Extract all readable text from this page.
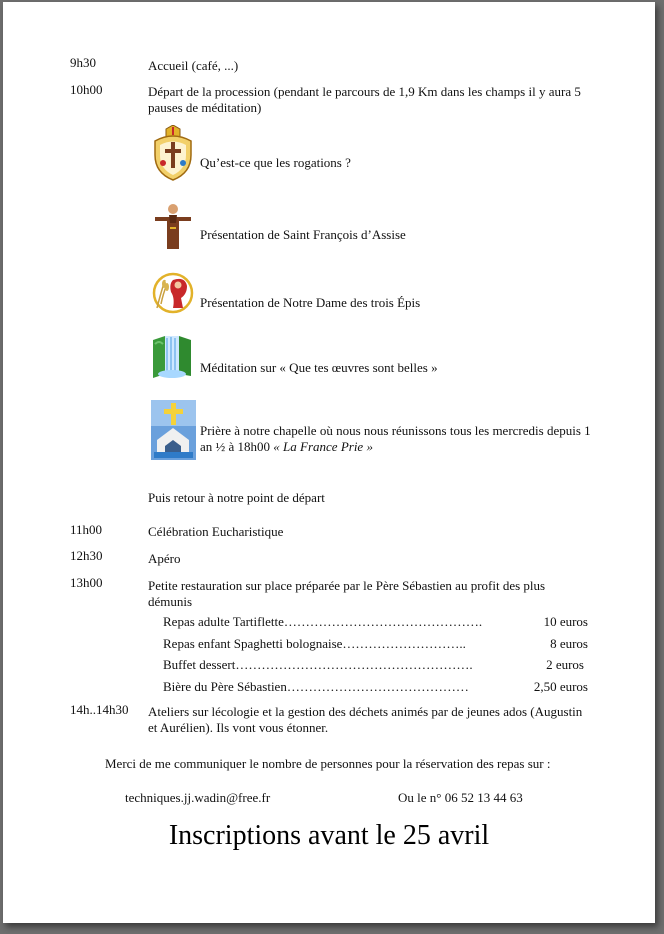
9h30	Accueil (café, ...)
10h00	Départ de la procession (pendant le parcours de 1,9 Km dans les champs il y aura 5 pauses de méditation)
Qu’est-ce que les rogations ?
Présentation de Saint François d’Assise
Présentation de Notre Dame des trois Épis
Méditation sur « Que tes œuvres sont belles »
Prière à notre chapelle où nous nous réunissons tous les mercredis depuis 1 an ½ à 18h00 « La France Prie »
Puis retour à notre point de départ
11h00	Célébration Eucharistique
12h30	Apéro
13h00	Petite restauration sur place préparée par le Père Sébastien au profit des plus démunis
Repas adulte Tartiflette……………………………………….	10 euros
Repas enfant Spaghetti bolognaise………………………..	8 euros
Buffet dessert……………………………………………….	2 euros
Bière du Père Sébastien……………………………………	2,50 euros
14h..14h30 Ateliers sur lécologie et la gestion des déchets animés par de jeunes ados (Augustin et Aurélien). Ils vont vous étonner.
Merci de me communiquer le nombre de personnes pour la réservation des repas sur :
techniques.jj.wadin@free.fr	Ou le n° 06 52 13 44 63
Inscriptions avant le 25 avril
